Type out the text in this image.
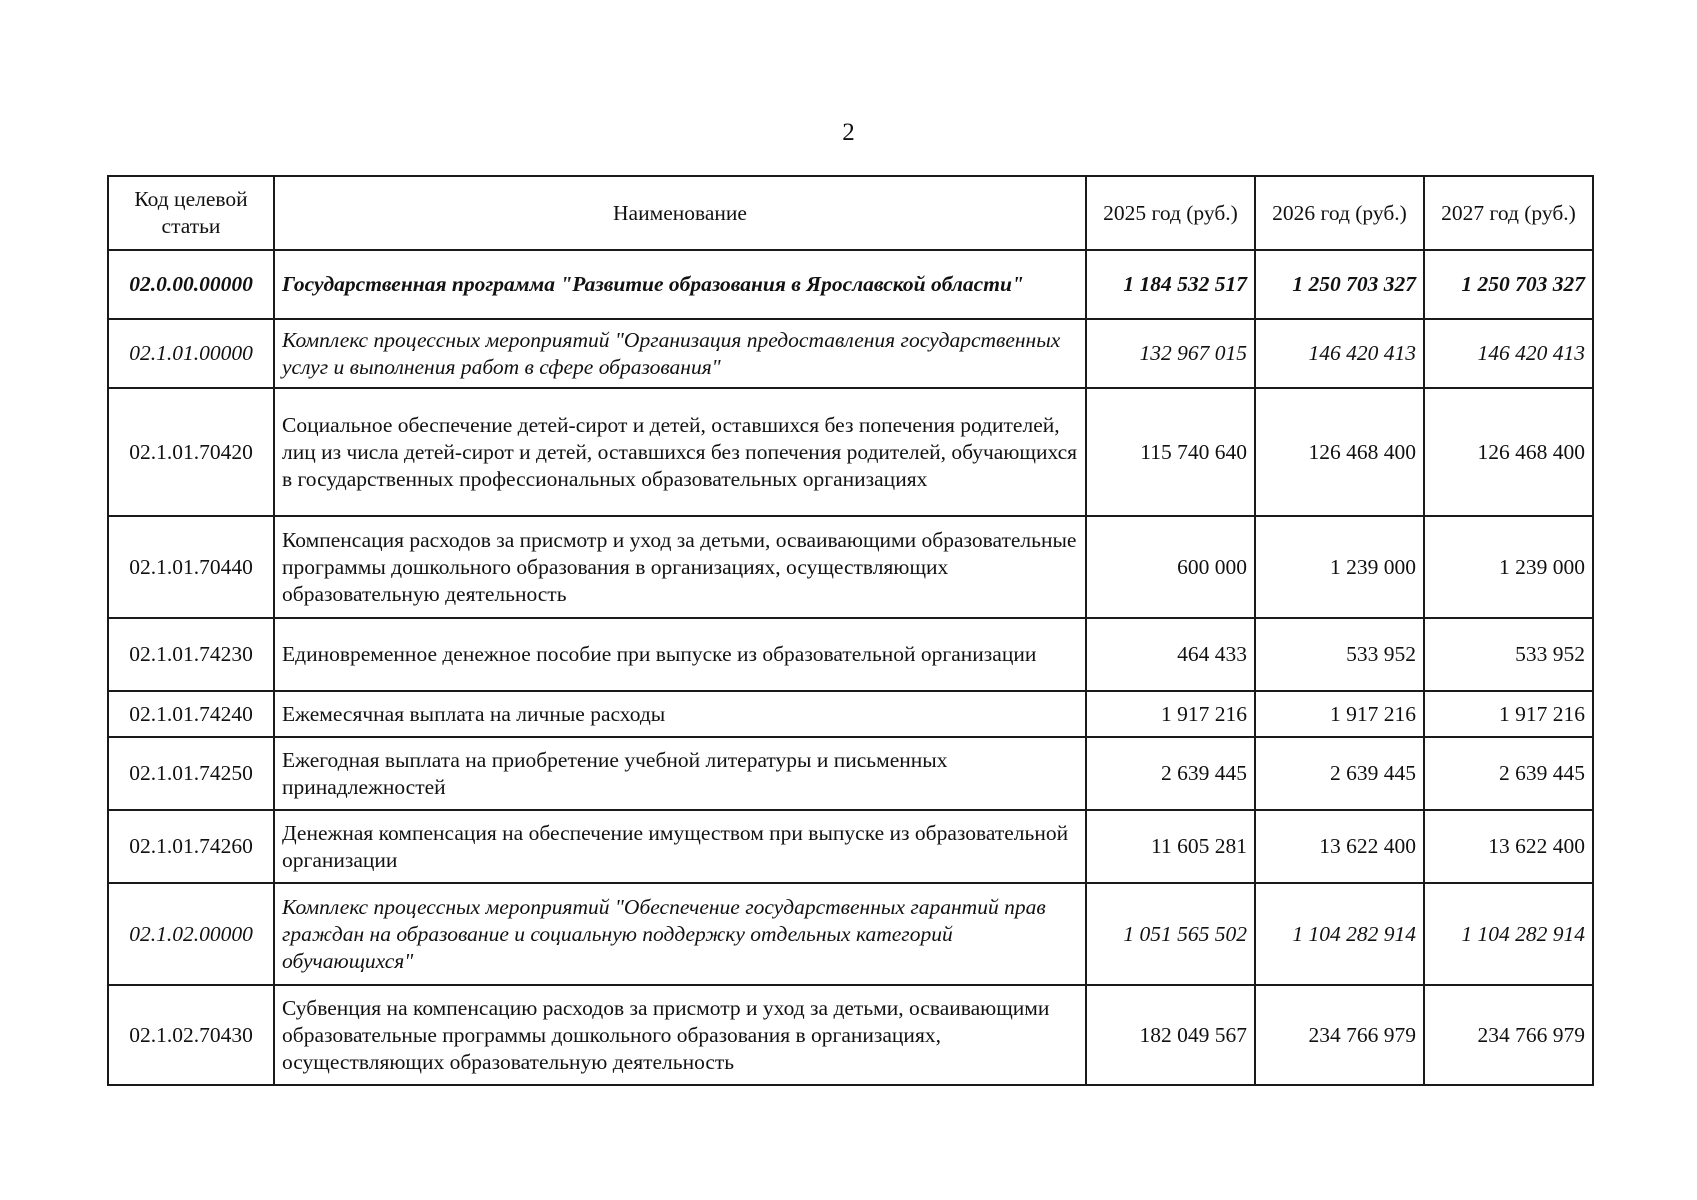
2
Код целевой статьи	Наименование	2025 год (руб.)	2026 год (руб.)	2027 год (руб.)
02.0.00.00000	Государственная программа "Развитие образования в Ярославской области"	1 184 532 517	1 250 703 327	1 250 703 327
02.1.01.00000	Комплекс процессных мероприятий "Организация предоставления государственных услуг и выполнения работ в сфере образования"	132 967 015	146 420 413	146 420 413
02.1.01.70420	Социальное обеспечение детей-сирот и детей, оставшихся без попечения родителей, лиц из числа детей-сирот и детей, оставшихся без попечения родителей, обучающихся в государственных профессиональных образовательных организациях	115 740 640	126 468 400	126 468 400
02.1.01.70440	Компенсация расходов за присмотр и уход за детьми, осваивающими образовательные программы дошкольного образования в организациях, осуществляющих образовательную деятельность	600 000	1 239 000	1 239 000
02.1.01.74230	Единовременное денежное пособие при выпуске из образовательной организации	464 433	533 952	533 952
02.1.01.74240	Ежемесячная выплата на личные расходы	1 917 216	1 917 216	1 917 216
02.1.01.74250	Ежегодная выплата на приобретение учебной литературы и письменных принадлежностей	2 639 445	2 639 445	2 639 445
02.1.01.74260	Денежная компенсация на обеспечение имуществом при выпуске из образовательной организации	11 605 281	13 622 400	13 622 400
02.1.02.00000	Комплекс процессных мероприятий "Обеспечение государственных гарантий прав граждан на образование и социальную поддержку отдельных категорий обучающихся"	1 051 565 502	1 104 282 914	1 104 282 914
02.1.02.70430	Субвенция на компенсацию расходов за присмотр и уход за детьми, осваивающими образовательные программы дошкольного образования в организациях, осуществляющих образовательную деятельность	182 049 567	234 766 979	234 766 979
